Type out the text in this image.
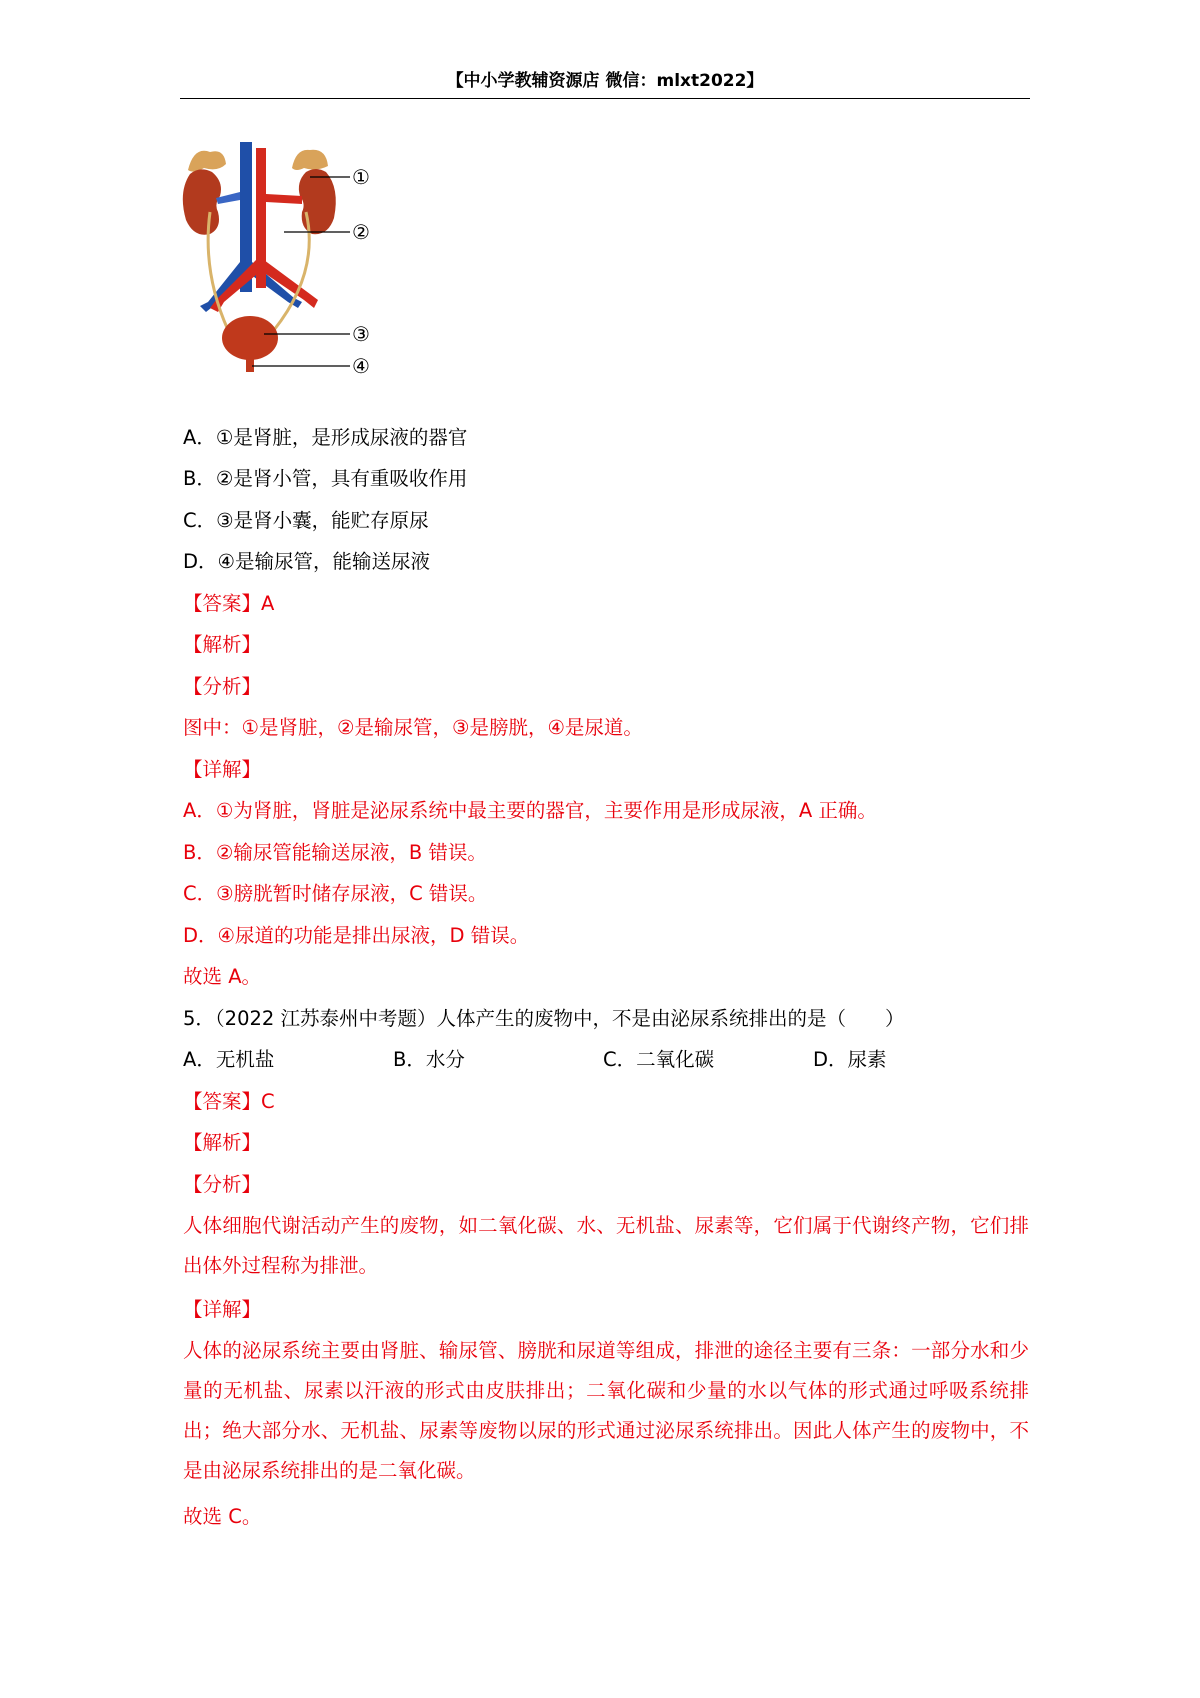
【中小学教辅资源店 微信：mlxt2022】
①
②
③
④
A．①是肾脏，是形成尿液的器官
B．②是肾小管，具有重吸收作用
C．③是肾小囊，能贮存原尿
D．④是输尿管，能输送尿液
【答案】A
【解析】
【分析】
图中：①是肾脏，②是输尿管，③是膀胱，④是尿道。
【详解】
A．①为肾脏，肾脏是泌尿系统中最主要的器官，主要作用是形成尿液，A 正确。
B．②输尿管能输送尿液，B 错误。
C．③膀胱暂时储存尿液，C 错误。
D．④尿道的功能是排出尿液，D 错误。
故选 A。
5．（2022 江苏泰州中考题）人体产生的废物中，不是由泌尿系统排出的是（　　）
A．无机盐	B．水分	C．二氧化碳	D．尿素
【答案】C
【解析】
【分析】
人体细胞代谢活动产生的废物，如二氧化碳、水、无机盐、尿素等，它们属于代谢终产物，它们排出体外过程称为排泄。
【详解】
人体的泌尿系统主要由肾脏、输尿管、膀胱和尿道等组成，排泄的途径主要有三条：一部分水和少量的无机盐、尿素以汗液的形式由皮肤排出；二氧化碳和少量的水以气体的形式通过呼吸系统排出；绝大部分水、无机盐、尿素等废物以尿的形式通过泌尿系统排出。因此人体产生的废物中，不是由泌尿系统排出的是二氧化碳。
故选 C。
